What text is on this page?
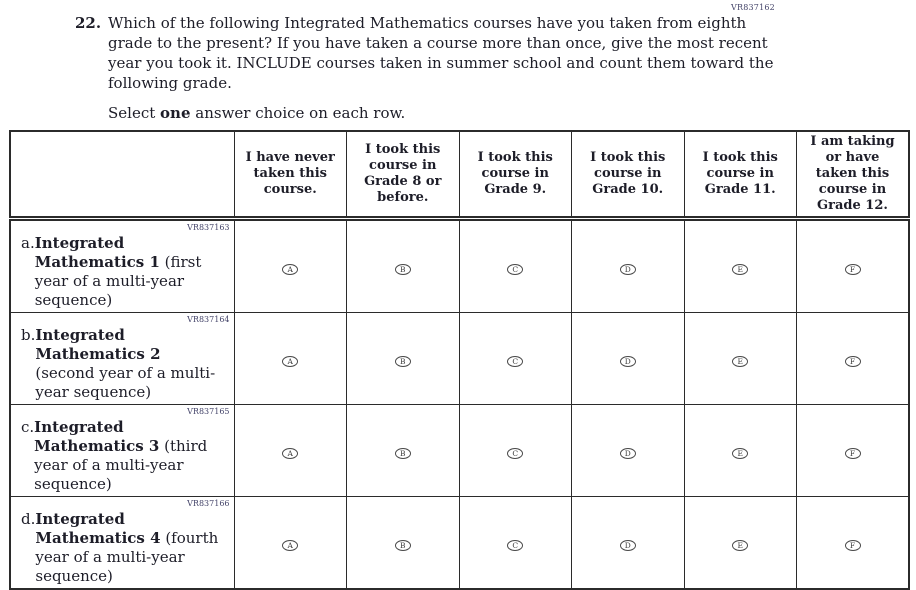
VR837162
22. Which of the following Integrated Mathematics courses have you taken from eighth
grade to the present? If you have taken a course more than once, give the most recent
year you took it. INCLUDE courses taken in summer school and count them toward the
following grade.
Select one answer choice on each row.
	I have never taken this course.	I took this course in Grade 8 or before.	I took this course in Grade 9.	I took this course in Grade 10.	I took this course in Grade 11.	I am taking or have taken this course in Grade 12.

VR837163
a. Integrated Mathematics 1 (first year of a multi-year sequence)	A	B	C	D	E	F

VR837164
b. Integrated Mathematics 2 (second year of a multi-year sequence)	A	B	C	D	E	F

VR837165
c. Integrated Mathematics 3 (third year of a multi-year sequence)	A	B	C	D	E	F

VR837166
d. Integrated Mathematics 4 (fourth year of a multi-year sequence)	A	B	C	D	E	F
